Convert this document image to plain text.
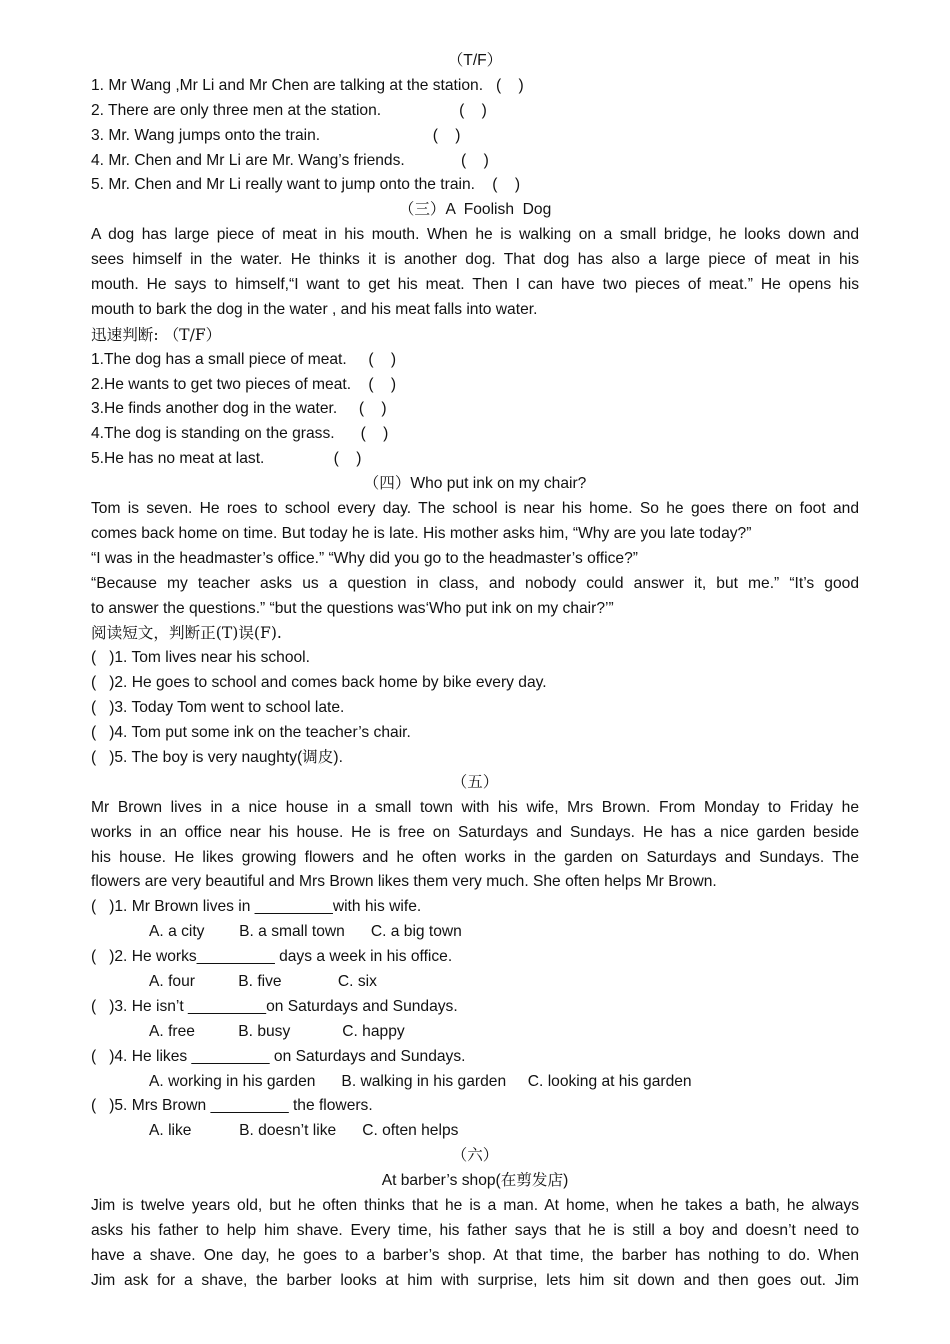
（T/F）
1. Mr Wang ,Mr Li and Mr Chen are talking at the station.   (    )
2. There are only three men at the station.                  (    )
3. Mr. Wang jumps onto the train.                          (    )
4. Mr. Chen and Mr Li are Mr. Wang’s friends.             (    )
5. Mr. Chen and Mr Li really want to jump onto the train.    (    )
（三）A  Foolish  Dog
A dog has large piece of meat in his mouth. When he is walking on a small bridge, he looks down and
sees himself in the water. He thinks it is another dog. That dog has also a large piece of meat in his
mouth. He says to himself,“I want to get his meat. Then I can have two pieces of meat.” He opens his
mouth to bark the dog in the water , and his meat falls into water.
迅速判断: （T/F）
1.The dog has a small piece of meat.     (    )
2.He wants to get two pieces of meat.    (    )
3.He finds another dog in the water.     (    )
4.The dog is standing on the grass.      (    )
5.He has no meat at last.                (    )
（四）Who put ink on my chair?
Tom is seven. He roes to school every day. The school is near his home. So he goes there on foot and
comes back home on time. But today he is late. His mother asks him, “Why are you late today?”
“I was in the headmaster’s office.” “Why did you go to the headmaster’s office?”
“Because my teacher asks us a question in class, and nobody could answer it, but me.” “It’s good
to answer the questions.” “but the questions was‘Who put ink on my chair?’”
阅读短文，判断正(T)误(F).
(   )1. Tom lives near his school.
(   )2. He goes to school and comes back home by bike every day.
(   )3. Today Tom went to school late.
(   )4. Tom put some ink on the teacher’s chair.
(   )5. The boy is very naughty(调皮).
（五）
Mr Brown lives in a nice house in a small town with his wife, Mrs Brown. From Monday to Friday he
works in an office near his house. He is free on Saturdays and Sundays. He has a nice garden beside
his house. He likes growing flowers and he often works in the garden on Saturdays and Sundays. The
flowers are very beautiful and Mrs Brown likes them very much. She often helps Mr Brown.
(   )1. Mr Brown lives in _________with his wife.
A. a city        B. a small town      C. a big town
(   )2. He works_________ days a week in his office.
A. four          B. five             C. six
(   )3. He isn’t _________on Saturdays and Sundays.
A. free          B. busy            C. happy
(   )4. He likes _________ on Saturdays and Sundays.
A. working in his garden      B. walking in his garden     C. looking at his garden
(   )5. Mrs Brown _________ the flowers.
A. like           B. doesn’t like      C. often helps
（六）
At barber’s shop(在剪发店)
Jim is twelve years old, but he often thinks that he is a man. At home, when he takes a bath, he always
asks his father to help him shave. Every time, his father says that he is still a boy and doesn’t need to
have a shave. One day, he goes to a barber’s shop. At that time, the barber has nothing to do. When
Jim ask for a shave, the barber looks at him with surprise, lets him sit down and then goes out. Jim
